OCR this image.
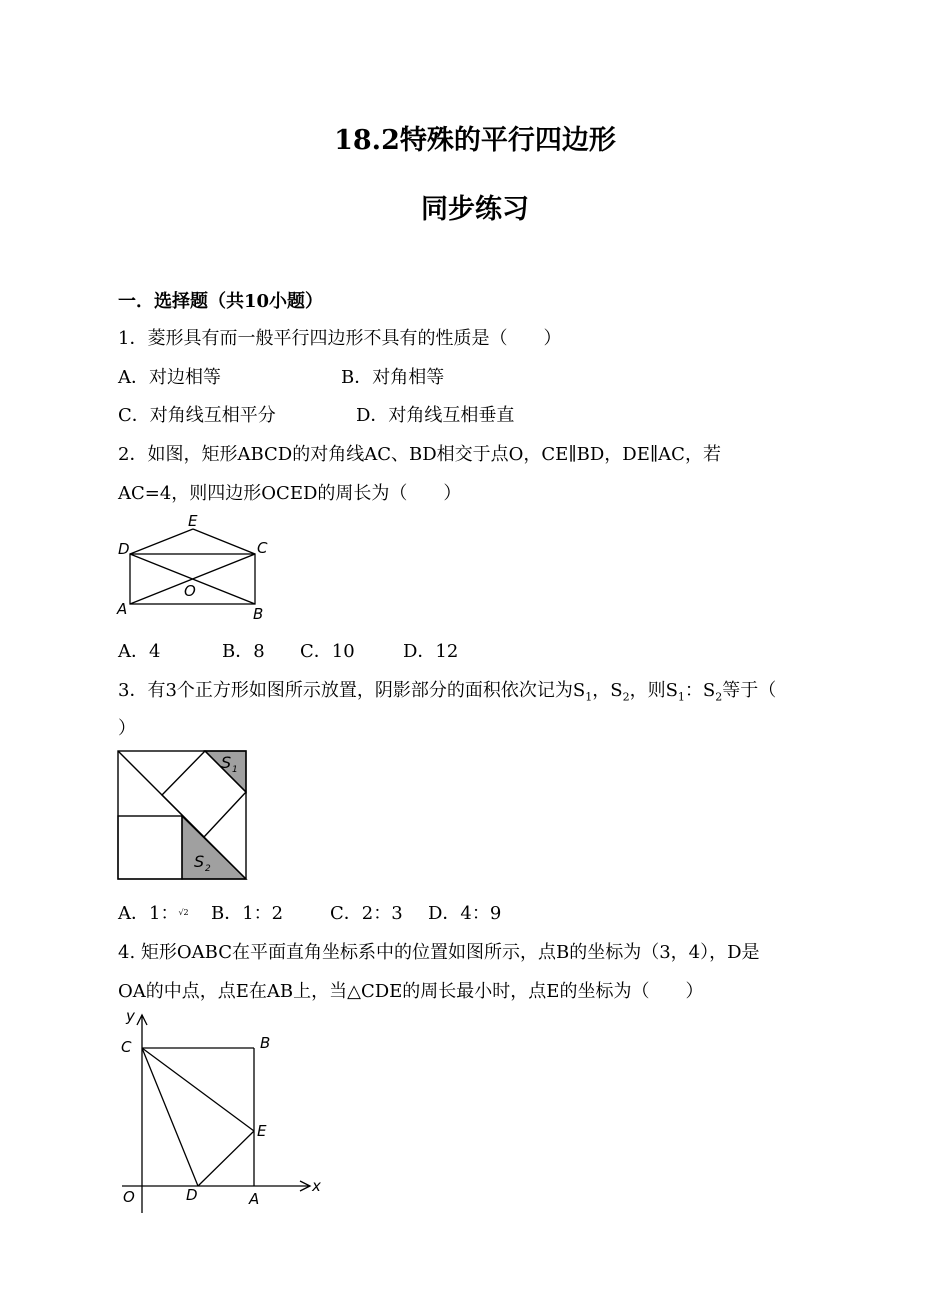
18.2特殊的平行四边形
同步练习
一．选择题（共10小题）
1．菱形具有而一般平行四边形不具有的性质是（　　）
A．对边相等	B．对角相等
C．对角线互相平分	D．对角线互相垂直
2．如图，矩形ABCD的对角线AC、BD相交于点O，CE∥BD，DE∥AC，若
AC=4，则四边形OCED的周长为（　　）
E
D	C
A
O
B
A．4	B．8 C．10	D．12
3．有3个正方形如图所示放置，阴影部分的面积依次记为$S_1$，$S_2$，则$S_1$：$S_2$等于（
）
S 1
S 2
A．1：$^{√2}$ B．1：2	C．2：3 D．4：9
4. 矩形OABC在平面直角坐标系中的位置如图所示，点B的坐标为（3，4），D是
OA的中点，点E在AB上，当△CDE的周长最小时，点E的坐标为（　　）
y
x
C	B
E
O	D	A
